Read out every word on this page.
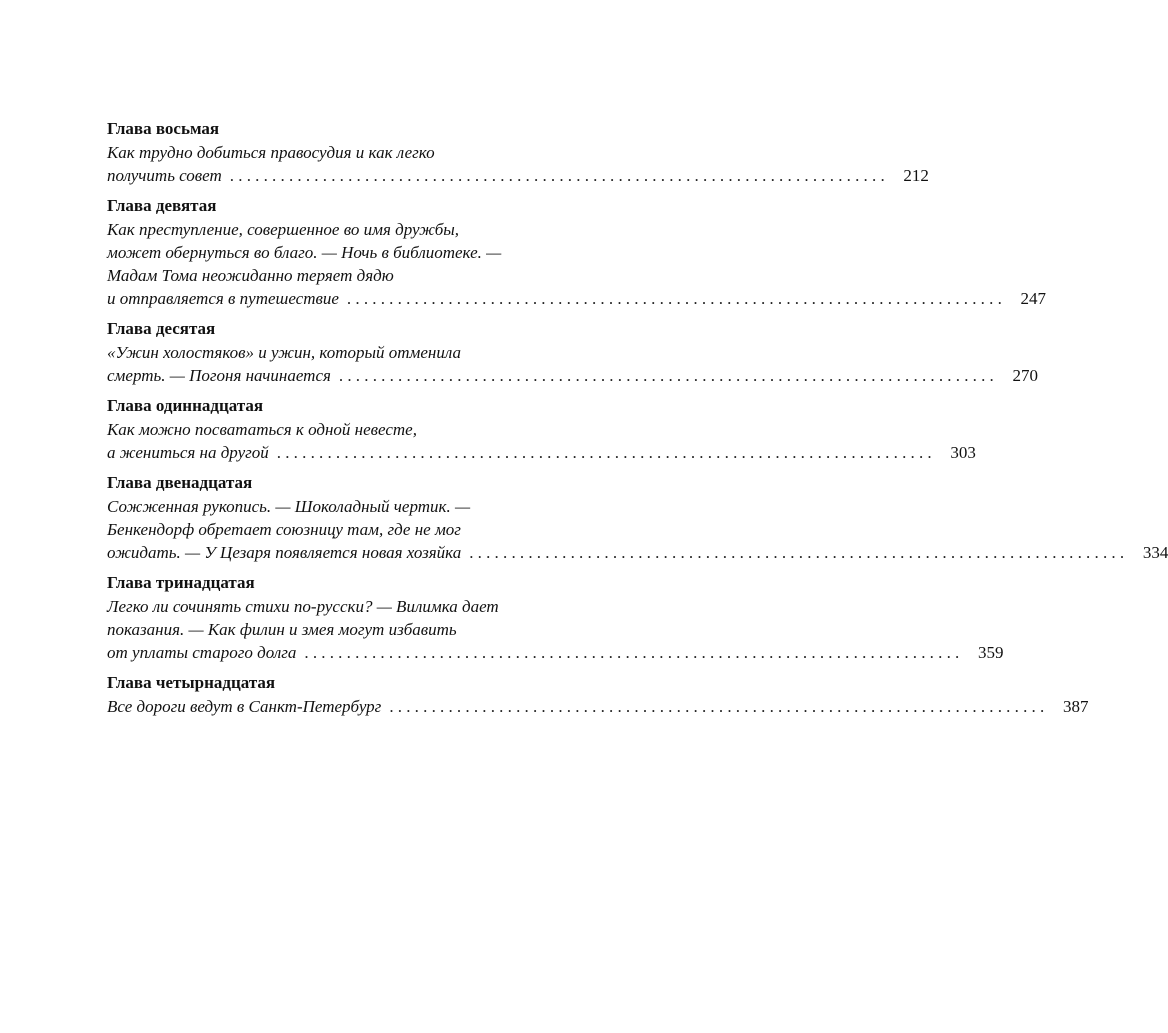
Глава восьмая
Как трудно добиться правосудия и как легко
получить совет .............................................................................. 212
Глава девятая
Как преступление, совершенное во имя дружбы,
может обернуться во благо. — Ночь в библиотеке. —
Мадам Тома неожиданно теряет дядю
и отправляется в путешествие .............................................................................. 247
Глава десятая
«Ужин холостяков» и ужин, который отменила
смерть. — Погоня начинается .............................................................................. 270
Глава одиннадцатая
Как можно посвататься к одной невесте,
а жениться на другой .............................................................................. 303
Глава двенадцатая
Сожженная рукопись. — Шоколадный чертик. —
Бенкендорф обретает союзницу там, где не мог
ожидать. — У Цезаря появляется новая хозяйка .............................................................................. 334
Глава тринадцатая
Легко ли сочинять стихи по-русски? — Вилимка дает
показания. — Как филин и змея могут избавить
от уплаты старого долга .............................................................................. 359
Глава четырнадцатая
Все дороги ведут в Санкт-Петербург .............................................................................. 387
